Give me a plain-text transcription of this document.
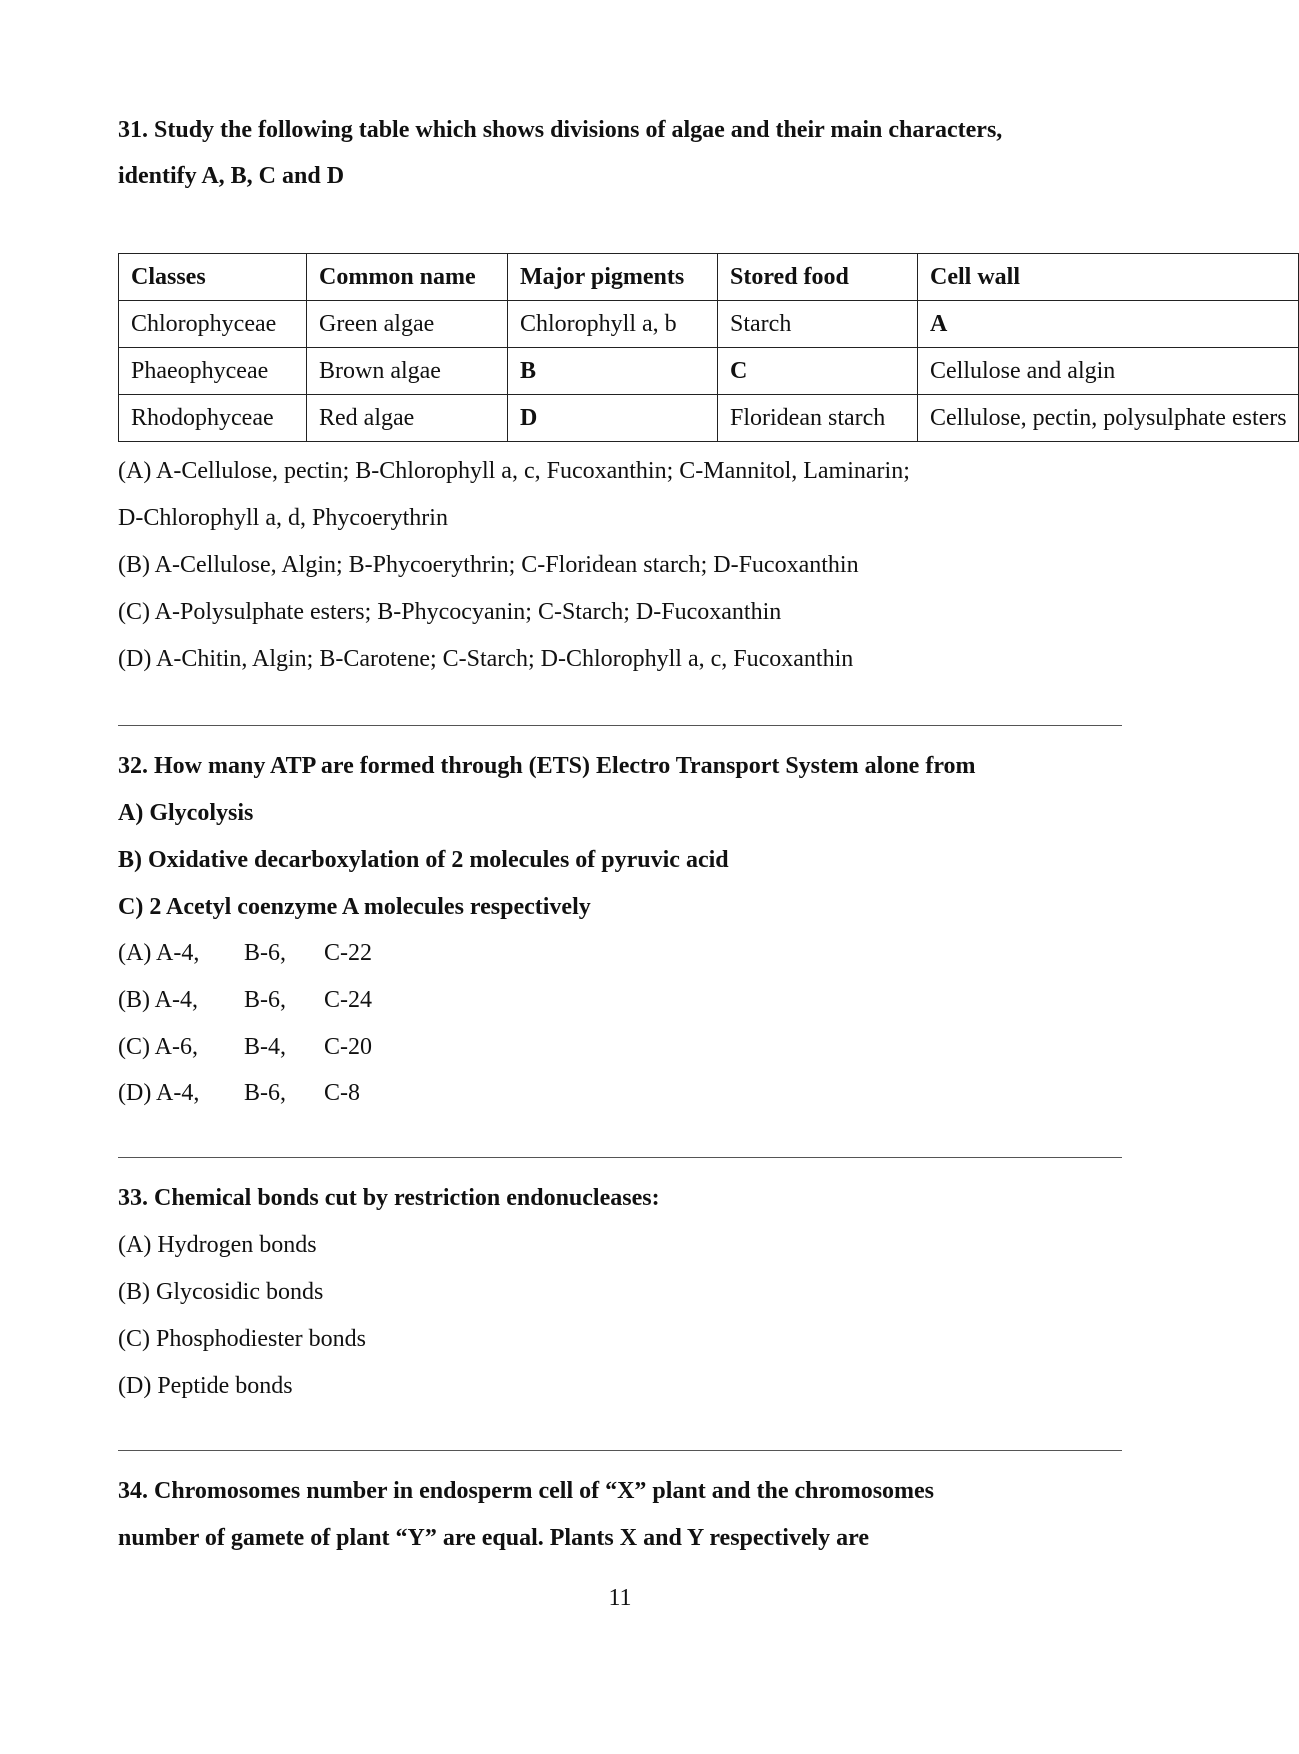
31. Study the following table which shows divisions of algae and their main characters,
identify A, B, C and D
Classes	Common name	Major pigments	Stored food	Cell wall
Chlorophyceae	Green algae	Chlorophyll a, b	Starch	A
Phaeophyceae	Brown algae	B	C	Cellulose and algin
Rhodophyceae	Red algae	D	Floridean starch	Cellulose, pectin, polysulphate esters
(A) A-Cellulose, pectin; B-Chlorophyll a, c, Fucoxanthin; C-Mannitol, Laminarin;
D-Chlorophyll a, d, Phycoerythrin
(B) A-Cellulose, Algin; B-Phycoerythrin; C-Floridean starch; D-Fucoxanthin
(C) A-Polysulphate esters; B-Phycocyanin; C-Starch; D-Fucoxanthin
(D) A-Chitin, Algin; B-Carotene; C-Starch; D-Chlorophyll a, c, Fucoxanthin
32. How many ATP are formed through (ETS) Electro Transport System alone from
A) Glycolysis
B) Oxidative decarboxylation of 2 molecules of pyruvic acid
C) 2 Acetyl coenzyme A molecules respectively
(A) A-4, B-6, C-22
(B) A-4, B-6, C-24
(C) A-6, B-4, C-20
(D) A-4, B-6, C-8
33. Chemical bonds cut by restriction endonucleases:
(A) Hydrogen bonds
(B) Glycosidic bonds
(C) Phosphodiester bonds
(D) Peptide bonds
34. Chromosomes number in endosperm cell of “X” plant and the chromosomes
number of gamete of plant “Y” are equal. Plants X and Y respectively are
11
